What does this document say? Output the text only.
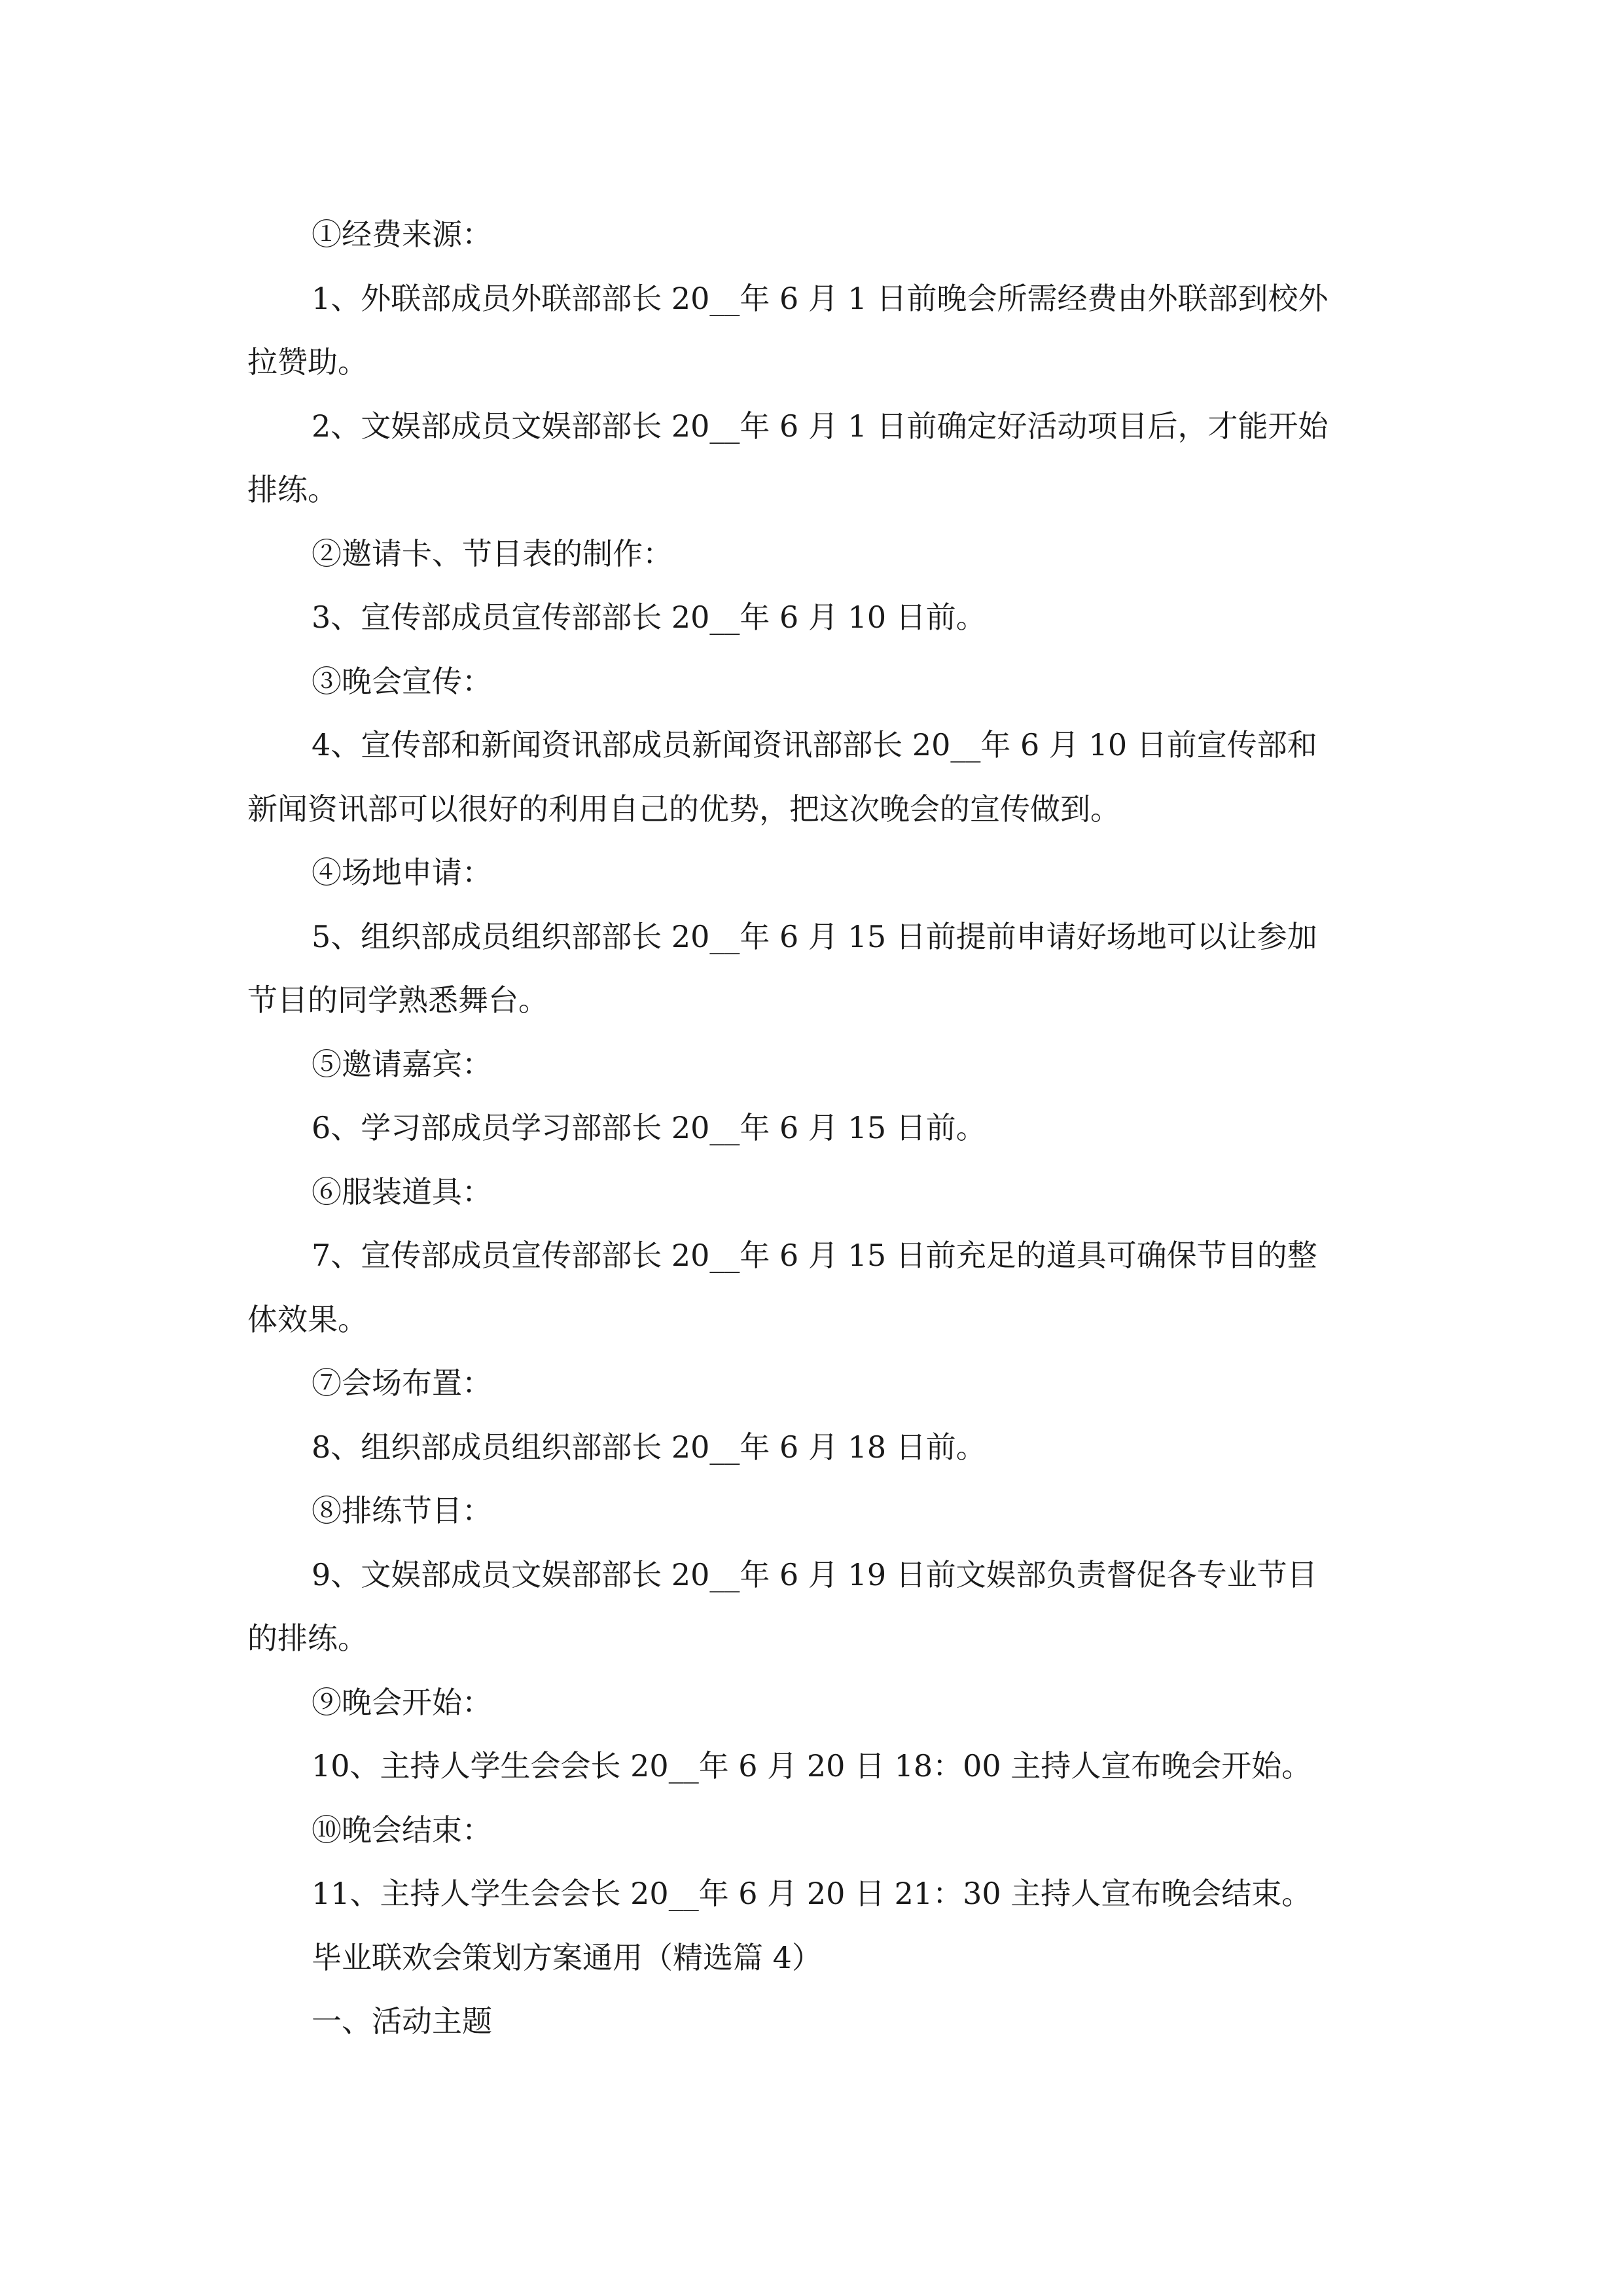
①经费来源：

1、外联部成员外联部部长 20__年 6 月 1 日前晚会所需经费由外联部到校外

拉赞助。

2、文娱部成员文娱部部长 20__年 6 月 1 日前确定好活动项目后，才能开始

排练。

②邀请卡、节目表的制作：

3、宣传部成员宣传部部长 20__年 6 月 10 日前。

③晚会宣传：

4、宣传部和新闻资讯部成员新闻资讯部部长 20__年 6 月 10 日前宣传部和

新闻资讯部可以很好的利用自己的优势，把这次晚会的宣传做到。

④场地申请：

5、组织部成员组织部部长 20__年 6 月 15 日前提前申请好场地可以让参加

节目的同学熟悉舞台。

⑤邀请嘉宾：

6、学习部成员学习部部长 20__年 6 月 15 日前。

⑥服装道具：

7、宣传部成员宣传部部长 20__年 6 月 15 日前充足的道具可确保节目的整

体效果。

⑦会场布置：

8、组织部成员组织部部长 20__年 6 月 18 日前。

⑧排练节目：

9、文娱部成员文娱部部长 20__年 6 月 19 日前文娱部负责督促各专业节目

的排练。

⑨晚会开始：

10、主持人学生会会长 20__年 6 月 20 日 18：00 主持人宣布晚会开始。

⑩晚会结束：

11、主持人学生会会长 20__年 6 月 20 日 21：30 主持人宣布晚会结束。

毕业联欢会策划方案通用（精选篇 4）

一、活动主题
